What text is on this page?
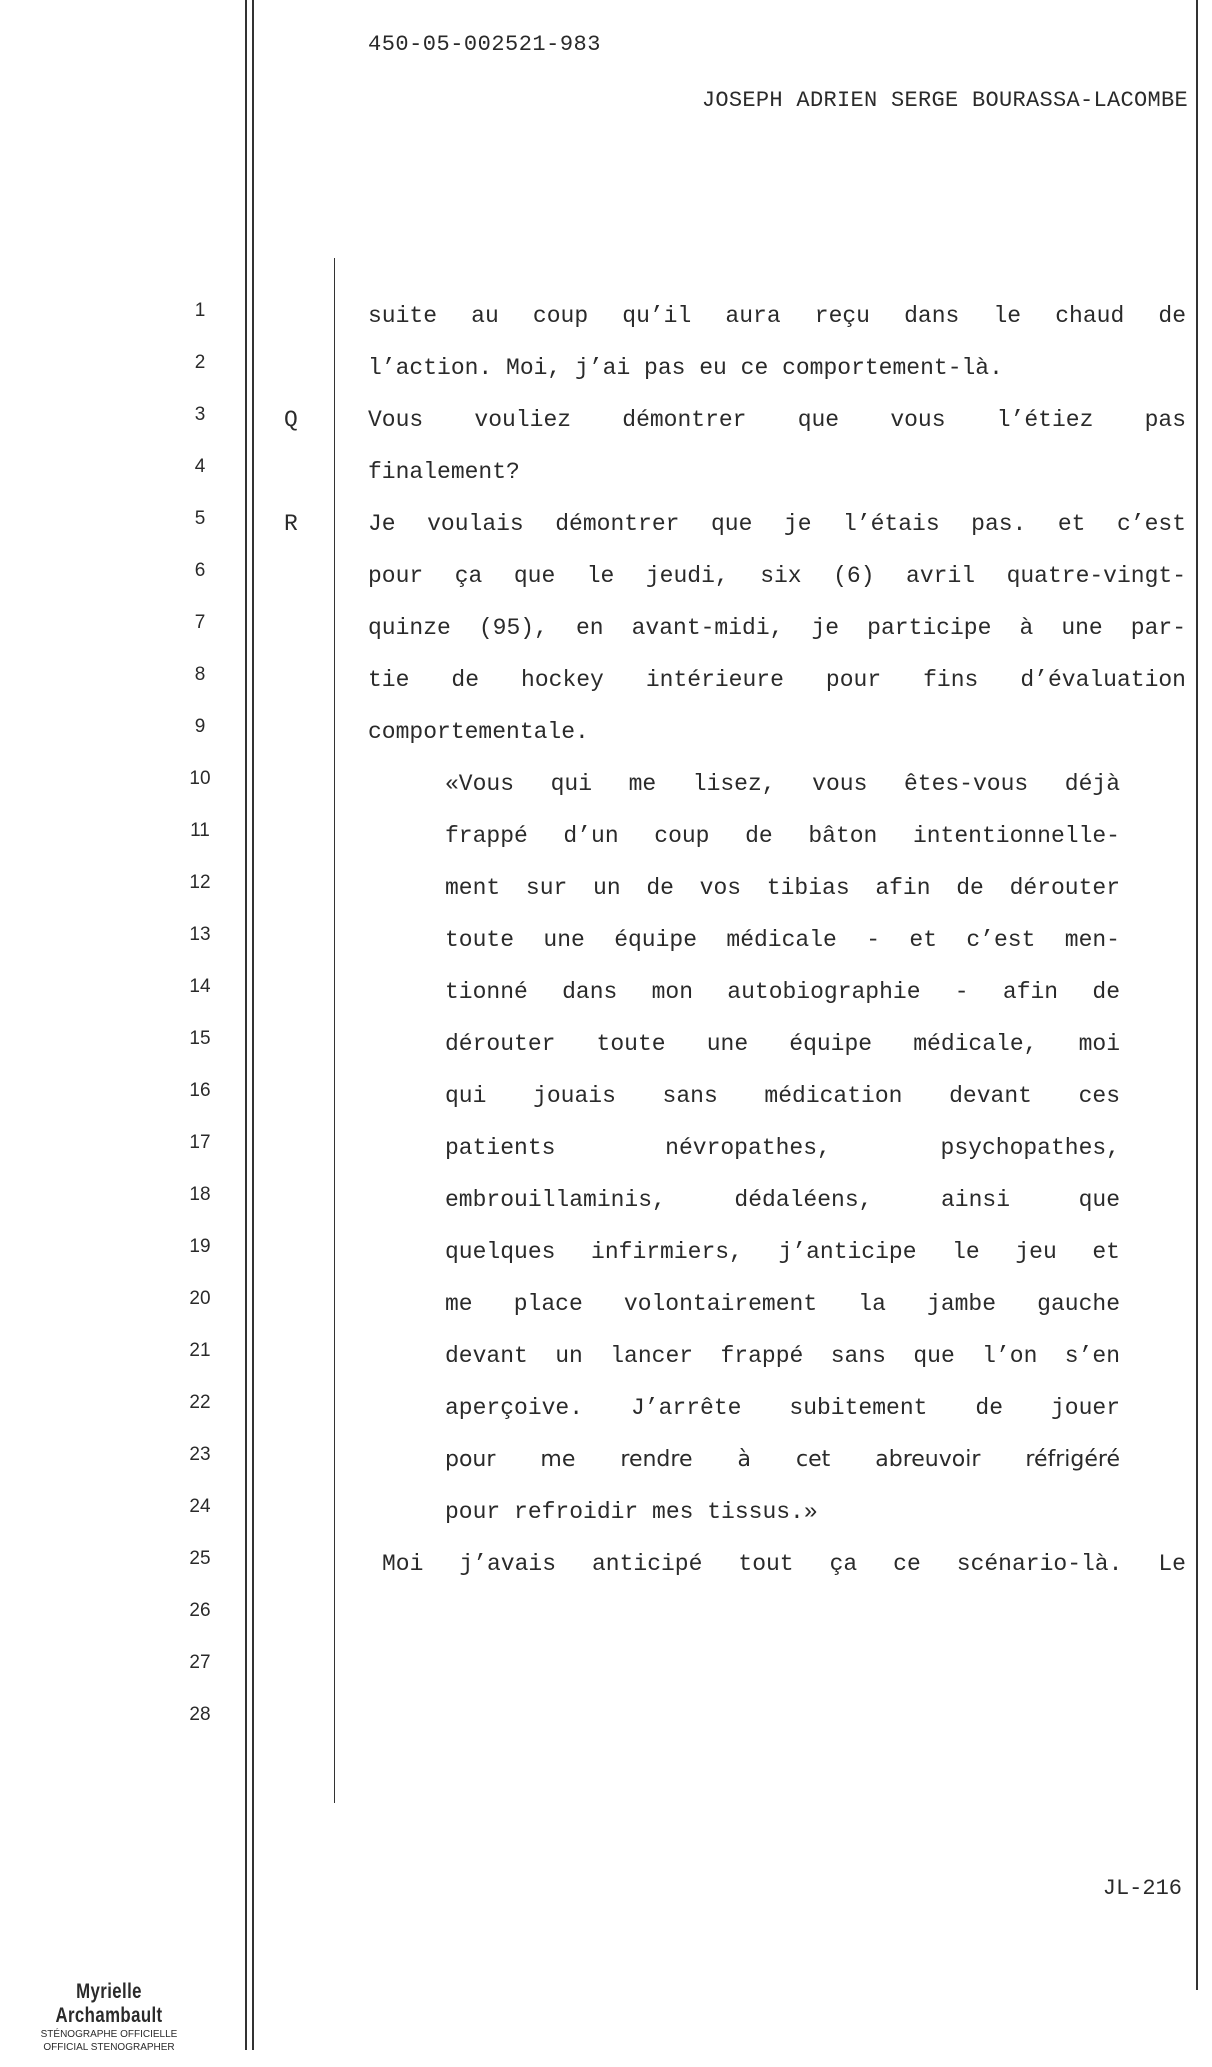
450-05-002521-983
JOSEPH ADRIEN SERGE BOURASSA-LACOMBE
1
2
3
4
5
6
7
8
9
10
11
12
13
14
15
16
17
18
19
20
21
22
23
24
25
26
27
28
suite au coup qu’il aura reçu dans le chaud de
l’action. Moi, j’ai pas eu ce comportement-là.
Q	Vous vouliez démontrer que vous l’étiez pas
finalement?
R	Je voulais démontrer que je l’étais pas. et c’est
pour ça que le jeudi, six (6) avril quatre-vingt-
quinze (95), en avant-midi, je participe à une par-
tie de hockey intérieure pour fins d’évaluation
comportementale.
«Vous qui me lisez, vous êtes-vous déjà
frappé d’un coup de bâton intentionnelle-
ment sur un de vos tibias afin de dérouter
toute une équipe médicale - et c’est men-
tionné dans mon autobiographie - afin de
dérouter toute une équipe médicale, moi
qui jouais sans médication devant ces
patients névropathes, psychopathes,
embrouillaminis, dédaléens, ainsi que
quelques infirmiers, j’anticipe le jeu et
me place volontairement la jambe gauche
devant un lancer frappé sans que l’on s’en
aperçoive. J’arrête subitement de jouer
pour me rendre à cet abreuvoir réfrigéré
pour refroidir mes tissus.»
Moi j’avais anticipé tout ça ce scénario-là. Le
JL-216
Myrielle Archambault
STÉNOGRAPHE OFFICIELLE
OFFICIAL STENOGRAPHER
